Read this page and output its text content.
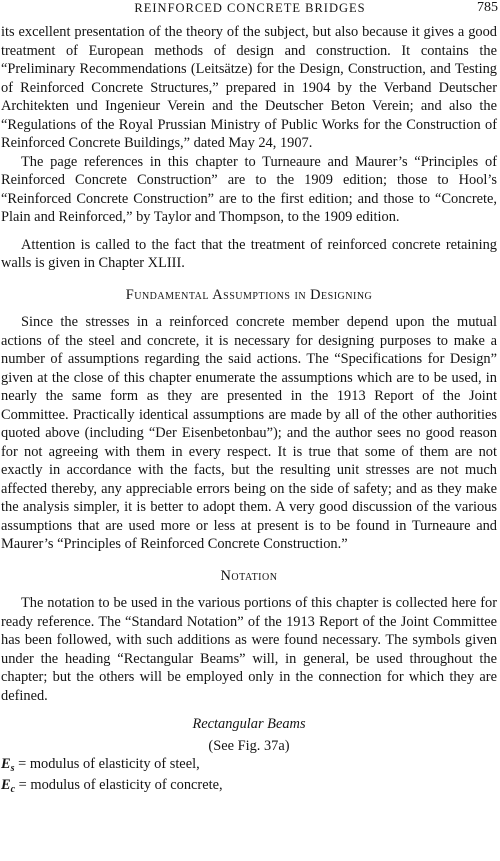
REINFORCED CONCRETE BRIDGES	785

its excellent presentation of the theory of the subject, but also because it gives a good treatment of European methods of design and construction. It contains the “Preliminary Recommendations (Leitsätze) for the Design, Construction, and Testing of Reinforced Concrete Structures,” prepared in 1904 by the Verband Deutscher Architekten und Ingenieur Verein and the Deutscher Beton Verein; and also the “Regulations of the Royal Prussian Ministry of Public Works for the Construction of Reinforced Concrete Buildings,” dated May 24, 1907.

The page references in this chapter to Turneaure and Maurer’s “Principles of Reinforced Concrete Construction” are to the 1909 edition; those to Hool’s “Reinforced Concrete Construction” are to the first edition; and those to “Concrete, Plain and Reinforced,” by Taylor and Thompson, to the 1909 edition.

Attention is called to the fact that the treatment of reinforced concrete retaining walls is given in Chapter XLIII.

Fundamental Assumptions in Designing

Since the stresses in a reinforced concrete member depend upon the mutual actions of the steel and concrete, it is necessary for designing purposes to make a number of assumptions regarding the said actions. The “Specifications for Design” given at the close of this chapter enumerate the assumptions which are to be used, in nearly the same form as they are presented in the 1913 Report of the Joint Committee. Practically identical assumptions are made by all of the other authorities quoted above (including “Der Eisenbetonbau”); and the author sees no good reason for not agreeing with them in every respect. It is true that some of them are not exactly in accordance with the facts, but the resulting unit stresses are not much affected thereby, any appreciable errors being on the side of safety; and as they make the analysis simpler, it is better to adopt them. A very good discussion of the various assumptions that are used more or less at present is to be found in Turneaure and Maurer’s “Principles of Reinforced Concrete Construction.”

Notation

The notation to be used in the various portions of this chapter is collected here for ready reference. The “Standard Notation” of the 1913 Report of the Joint Committee has been followed, with such additions as were found necessary. The symbols given under the heading “Rectangular Beams” will, in general, be used throughout the chapter; but the others will be employed only in the connection for which they are defined.

Rectangular Beams
(See Fig. 37a)
$E_s$ = modulus of elasticity of steel,
$E_c$ = modulus of elasticity of concrete,
